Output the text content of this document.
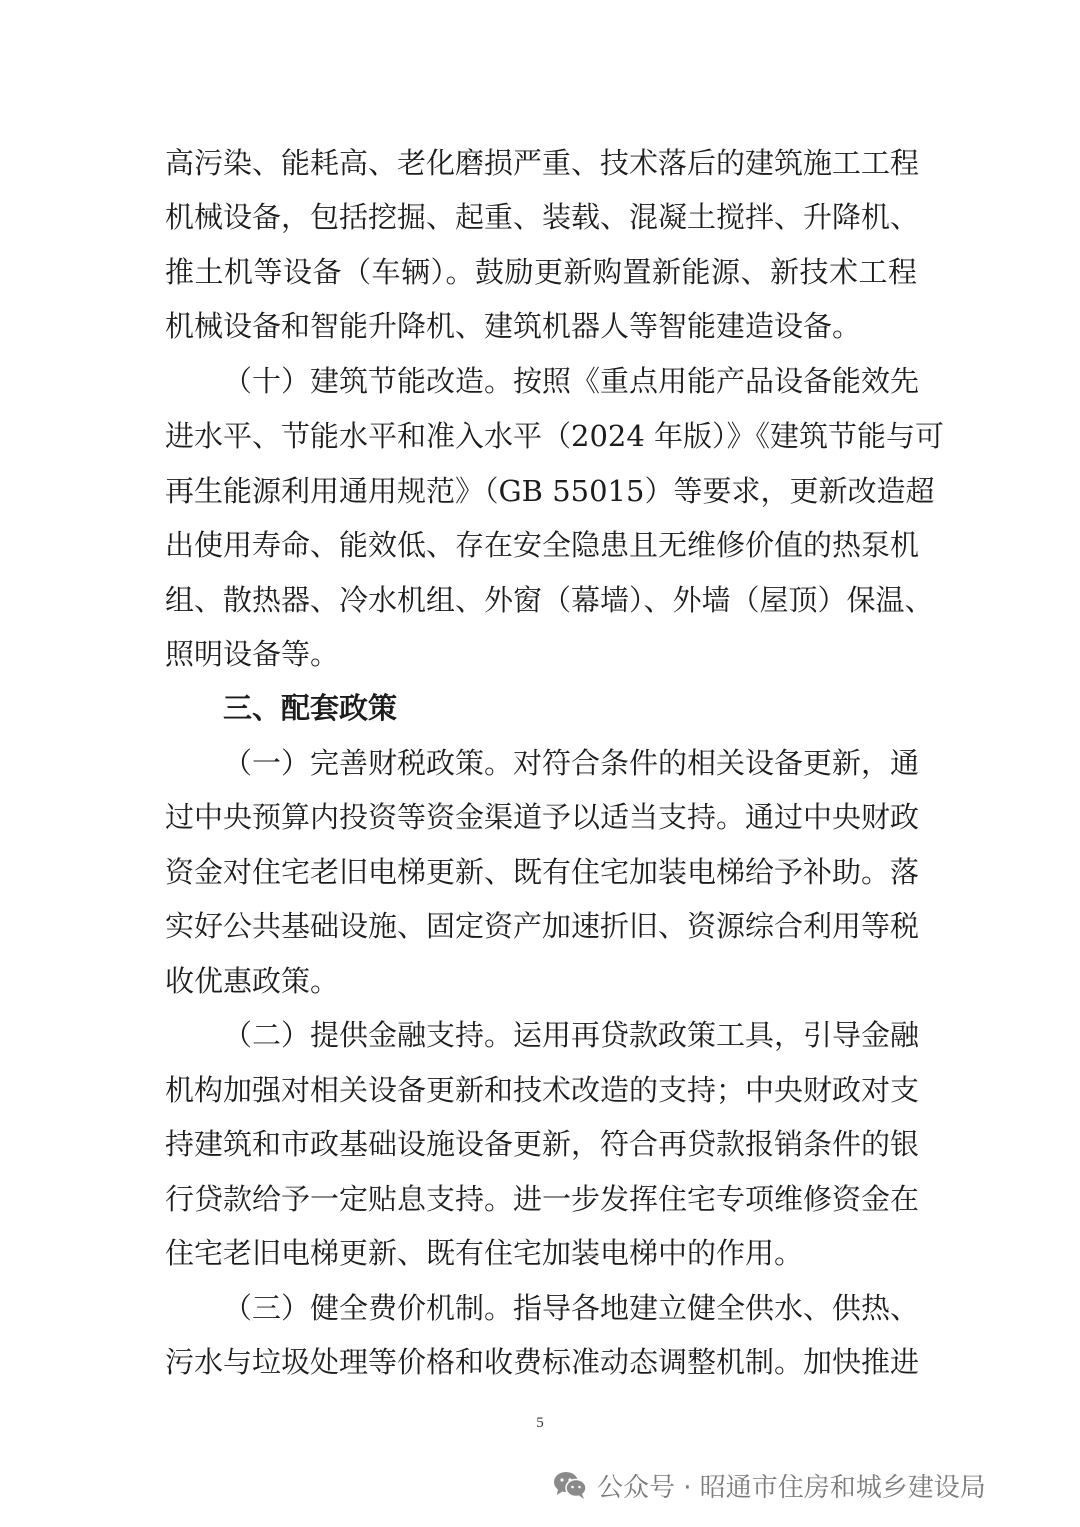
高污染、能耗高、老化磨损严重、技术落后的建筑施工工程
机械设备，包括挖掘、起重、装载、混凝土搅拌、升降机、
推土机等设备（车辆）。鼓励更新购置新能源、新技术工程
机械设备和智能升降机、建筑机器人等智能建造设备。
（十）建筑节能改造。按照《重点用能产品设备能效先
进水平、节能水平和准入水平（2024 年版）》《建筑节能与可
再生能源利用通用规范》（GB 55015）等要求，更新改造超
出使用寿命、能效低、存在安全隐患且无维修价值的热泵机
组、散热器、冷水机组、外窗（幕墙）、外墙（屋顶）保温、
照明设备等。
三、配套政策
（一）完善财税政策。对符合条件的相关设备更新，通
过中央预算内投资等资金渠道予以适当支持。通过中央财政
资金对住宅老旧电梯更新、既有住宅加装电梯给予补助。落
实好公共基础设施、固定资产加速折旧、资源综合利用等税
收优惠政策。
（二）提供金融支持。运用再贷款政策工具，引导金融
机构加强对相关设备更新和技术改造的支持；中央财政对支
持建筑和市政基础设施设备更新，符合再贷款报销条件的银
行贷款给予一定贴息支持。进一步发挥住宅专项维修资金在
住宅老旧电梯更新、既有住宅加装电梯中的作用。
（三）健全费价机制。指导各地建立健全供水、供热、
污水与垃圾处理等价格和收费标准动态调整机制。加快推进
5
公众号 · 昭通市住房和城乡建设局
